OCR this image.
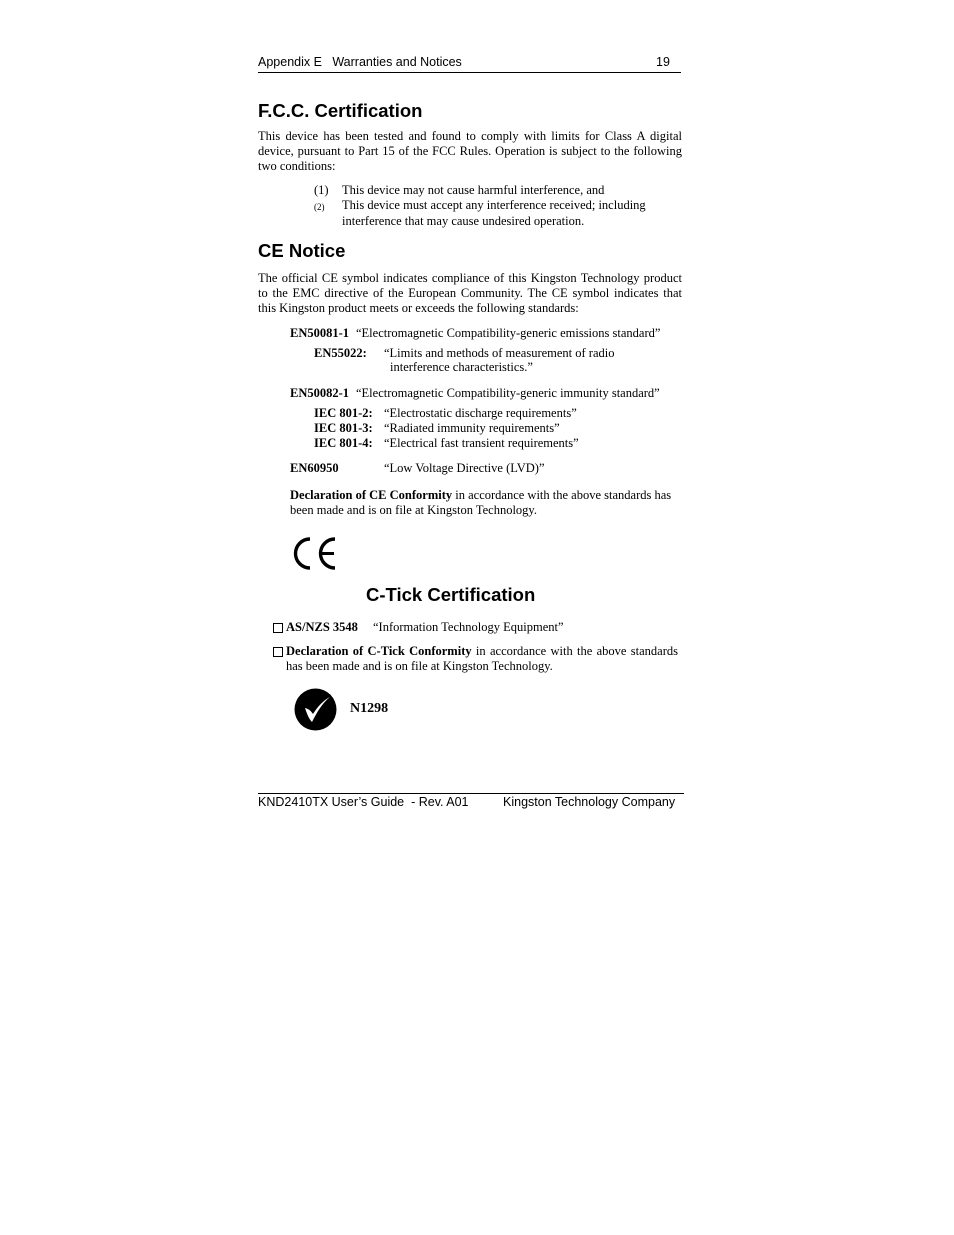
Appendix E   Warranties and Notices	19
F.C.C. Certification
This device has been tested and found to comply with limits for Class A digital
device, pursuant to Part 15 of the FCC Rules. Operation is subject to the following
two conditions:
(1) This device may not cause harmful interference, and
(2) This device must accept any interference received; including
interference that may cause undesired operation.
CE Notice
The official CE symbol indicates compliance of this Kingston Technology product
to the EMC directive of the European Community. The CE symbol indicates that
this Kingston product meets or exceeds the following standards:
EN50081-1 “Electromagnetic Compatibility-generic emissions standard”
EN55022: “Limits and methods of measurement of radio
interference characteristics.”
EN50082-1 “Electromagnetic Compatibility-generic immunity standard”
IEC 801-2: “Electrostatic discharge requirements”
IEC 801-3: “Radiated immunity requirements”
IEC 801-4: “Electrical fast transient requirements”
EN60950	“Low Voltage Directive (LVD)”
Declaration of CE Conformity in accordance with the above standards has
been made and is on file at Kingston Technology.
C-Tick Certification
AS/NZS 3548 “Information Technology Equipment”
Declaration of C-Tick Conformity in accordance with the above standards
has been made and is on file at Kingston Technology.
N1298
KND2410TX User’s Guide  - Rev. A01	Kingston Technology Company
